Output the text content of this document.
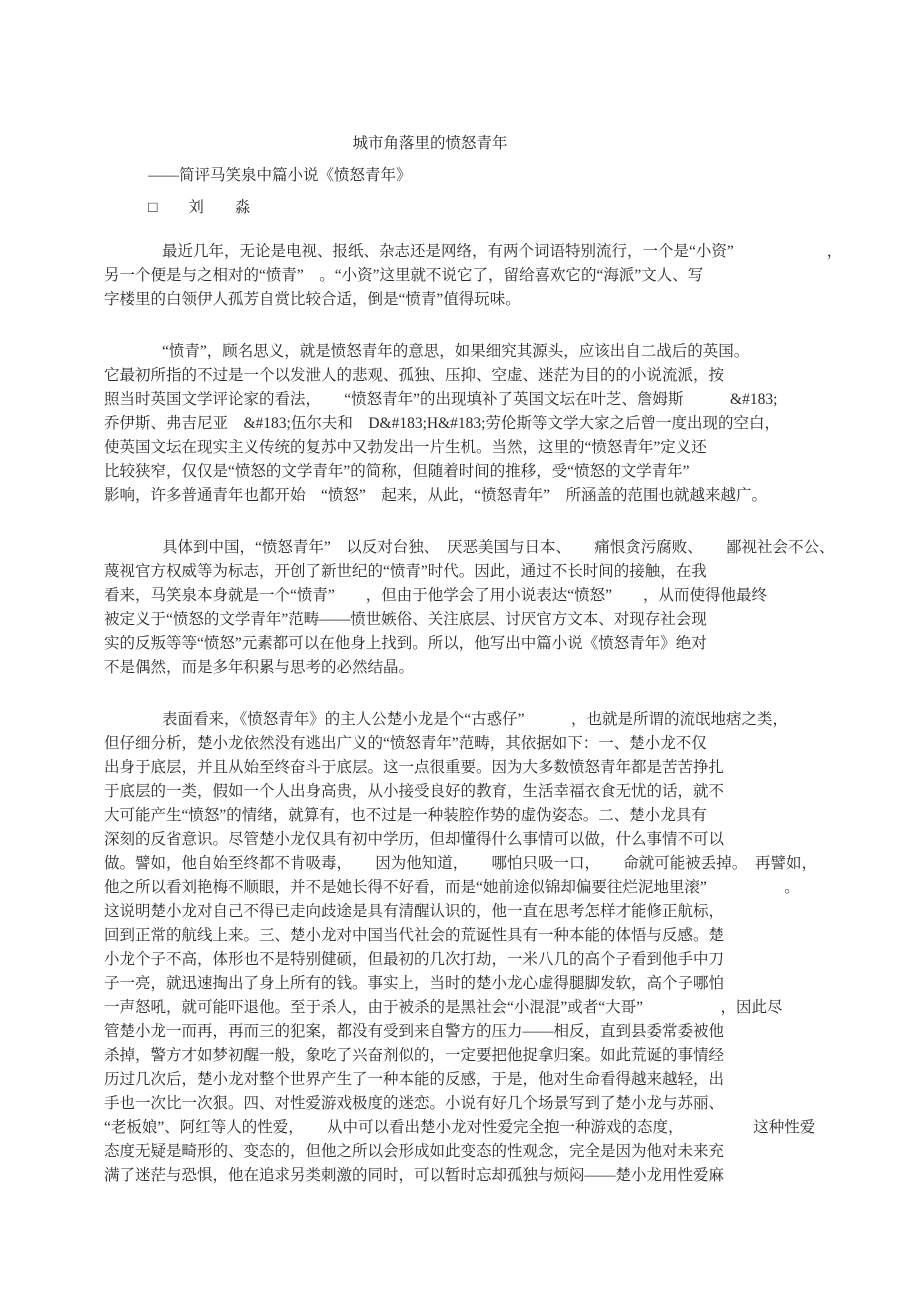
城市角落里的愤怒青年
——简评马笑泉中篇小说《愤怒青年》
□　　刘　　淼
最近几年，无论是电视、报纸、杂志还是网络，有两个词语特别流行，一个是“小资”　　　　　　，
另一个便是与之相对的“愤青”　。“小资”这里就不说它了，留给喜欢它的“海派”文人、写
字楼里的白领伊人孤芳自赏比较合适，倒是“愤青”值得玩味。
“愤青”，顾名思义，就是愤怒青年的意思，如果细究其源头，应该出自二战后的英国。
它最初所指的不过是一个以发泄人的悲观、孤独、压抑、空虚、迷茫为目的的小说流派，按
照当时英国文学评论家的看法，　　“愤怒青年”的出现填补了英国文坛在叶芝、詹姆斯　　　&#183;
乔伊斯、弗吉尼亚　&#183;伍尔夫和　D&#183;H&#183;劳伦斯等文学大家之后曾一度出现的空白，
使英国文坛在现实主义传统的复苏中又勃发出一片生机。当然，这里的“愤怒青年”定义还
比较狭窄，仅仅是“愤怒的文学青年”的简称，但随着时间的推移，受“愤怒的文学青年”
影响，许多普通青年也都开始　“愤怒”　起来，从此，“愤怒青年”　所涵盖的范围也就越来越广。
具体到中国，“愤怒青年”　以反对台独、　厌恶美国与日本、　　痛恨贪污腐败、　　鄙视社会不公、
蔑视官方权威等为标志，开创了新世纪的“愤青”时代。因此，通过不长时间的接触，在我
看来，马笑泉本身就是一个“愤青”　　，但由于他学会了用小说表达“愤怒”　　，从而使得他最终
被定义于“愤怒的文学青年”范畴——愤世嫉俗、关注底层、讨厌官方文本、对现存社会现
实的反叛等等“愤怒”元素都可以在他身上找到。所以，他写出中篇小说《愤怒青年》绝对
不是偶然，而是多年积累与思考的必然结晶。
表面看来，《愤怒青年》的主人公楚小龙是个“古惑仔”　　　，也就是所谓的流氓地痞之类，
但仔细分析，楚小龙依然没有逃出广义的“愤怒青年”范畴，其依据如下：一、楚小龙不仅
出身于底层，并且从始至终奋斗于底层。这一点很重要。因为大多数愤怒青年都是苦苦挣扎
于底层的一类，假如一个人出身高贵，从小接受良好的教育，生活幸福衣食无忧的话，就不
大可能产生“愤怒”的情绪，就算有，也不过是一种装腔作势的虚伪姿态。二、楚小龙具有
深刻的反省意识。尽管楚小龙仅具有初中学历，但却懂得什么事情可以做，什么事情不可以
做。譬如，他自始至终都不肯吸毒，　　因为他知道，　　哪怕只吸一口，　　命就可能被丢掉。　再譬如，
他之所以看刘艳梅不顺眼，并不是她长得不好看，而是“她前途似锦却偏要往烂泥地里滚”　　　　　。
这说明楚小龙对自己不得已走向歧途是具有清醒认识的，他一直在思考怎样才能修正航标，
回到正常的航线上来。三、楚小龙对中国当代社会的荒诞性具有一种本能的体悟与反感。楚
小龙个子不高，体形也不是特别健硕，但最初的几次打劫，一米八几的高个子看到他手中刀
子一亮，就迅速掏出了身上所有的钱。事实上，当时的楚小龙心虚得腿脚发软，高个子哪怕
一声怒吼，就可能吓退他。至于杀人，由于被杀的是黑社会“小混混”或者“大哥”　　　　　，因此尽
管楚小龙一而再，再而三的犯案，都没有受到来自警方的压力——相反，直到县委常委被他
杀掉，警方才如梦初醒一般，象吃了兴奋剂似的，一定要把他捉拿归案。如此荒诞的事情经
历过几次后，楚小龙对整个世界产生了一种本能的反感，于是，他对生命看得越来越轻，出
手也一次比一次狠。四、对性爱游戏极度的迷恋。小说有好几个场景写到了楚小龙与苏丽、
“老板娘”、阿红等人的性爱，　　从中可以看出楚小龙对性爱完全抱一种游戏的态度，　　　　　这种性爱
态度无疑是畸形的、变态的，但他之所以会形成如此变态的性观念，完全是因为他对未来充
满了迷茫与恐惧，他在追求另类刺激的同时，可以暂时忘却孤独与烦闷——楚小龙用性爱麻
